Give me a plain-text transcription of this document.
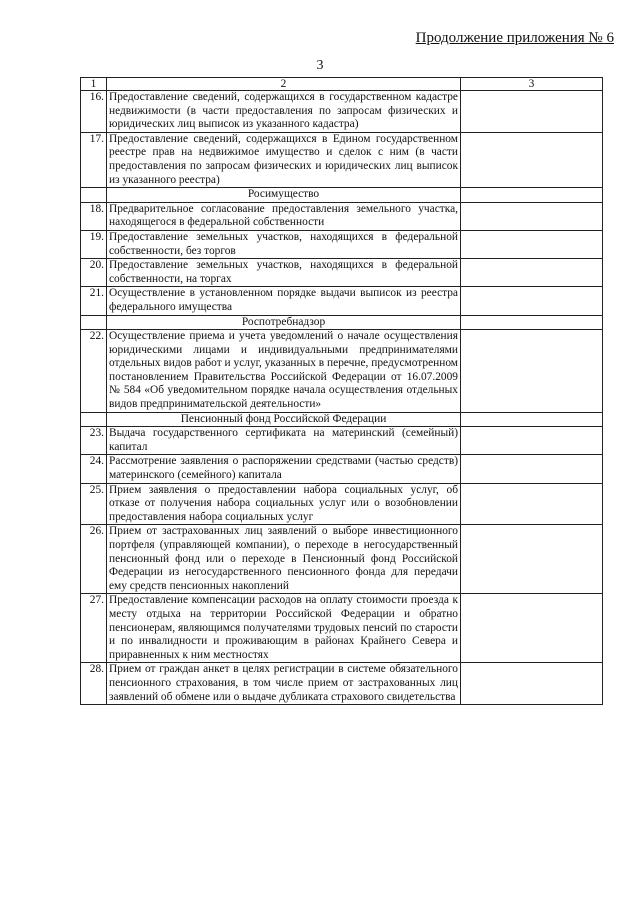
Продолжение приложения № 6
3
1	2	3
16.	Предоставление сведений, содержащихся в государственном кадастре недвижимости (в части предоставления по запросам физических и юридических лиц выписок из указанного кадастра)	
17.	Предоставление сведений, содержащихся в Едином государственном реестре прав на недвижимое имущество и сделок с ним (в части предоставления по запросам физических и юридических лиц выписок из указанного реестра)	
	Росимущество	
18.	Предварительное согласование предоставления земельного участка, находящегося в федеральной собственности	
19.	Предоставление земельных участков, находящихся в федеральной собственности, без торгов	
20.	Предоставление земельных участков, находящихся в федеральной собственности, на торгах	
21.	Осуществление в установленном порядке выдачи выписок из реестра федерального имущества	
	Роспотребнадзор	
22.	Осуществление приема и учета уведомлений о начале осуществления юридическими лицами и индивидуальными предпринимателями отдельных видов работ и услуг, указанных в перечне, предусмотренном постановлением Правительства Российской Федерации от 16.07.2009 № 584 «Об уведомительном порядке начала осуществления отдельных видов предпринимательской деятельности»	
	Пенсионный фонд Российской Федерации	
23.	Выдача государственного сертификата на материнский (семейный) капитал	
24.	Рассмотрение заявления о распоряжении средствами (частью средств) материнского (семейного) капитала	
25.	Прием заявления о предоставлении набора социальных услуг, об отказе от получения набора социальных услуг или о возобновлении предоставления набора социальных услуг	
26.	Прием от застрахованных лиц заявлений о выборе инвестиционного портфеля (управляющей компании), о переходе в негосударственный пенсионный фонд или о переходе в Пенсионный фонд Российской Федерации из негосударственного пенсионного фонда для передачи ему средств пенсионных накоплений	
27.	Предоставление компенсации расходов на оплату стоимости проезда к месту отдыха на территории Российской Федерации и обратно пенсионерам, являющимся получателями трудовых пенсий по старости и по инвалидности и проживающим в районах Крайнего Севера и приравненных к ним местностях	
28.	Прием от граждан анкет в целях регистрации в системе обязательного пенсионного страхования, в том числе прием от застрахованных лиц заявлений об обмене или о выдаче дубликата страхового свидетельства	
